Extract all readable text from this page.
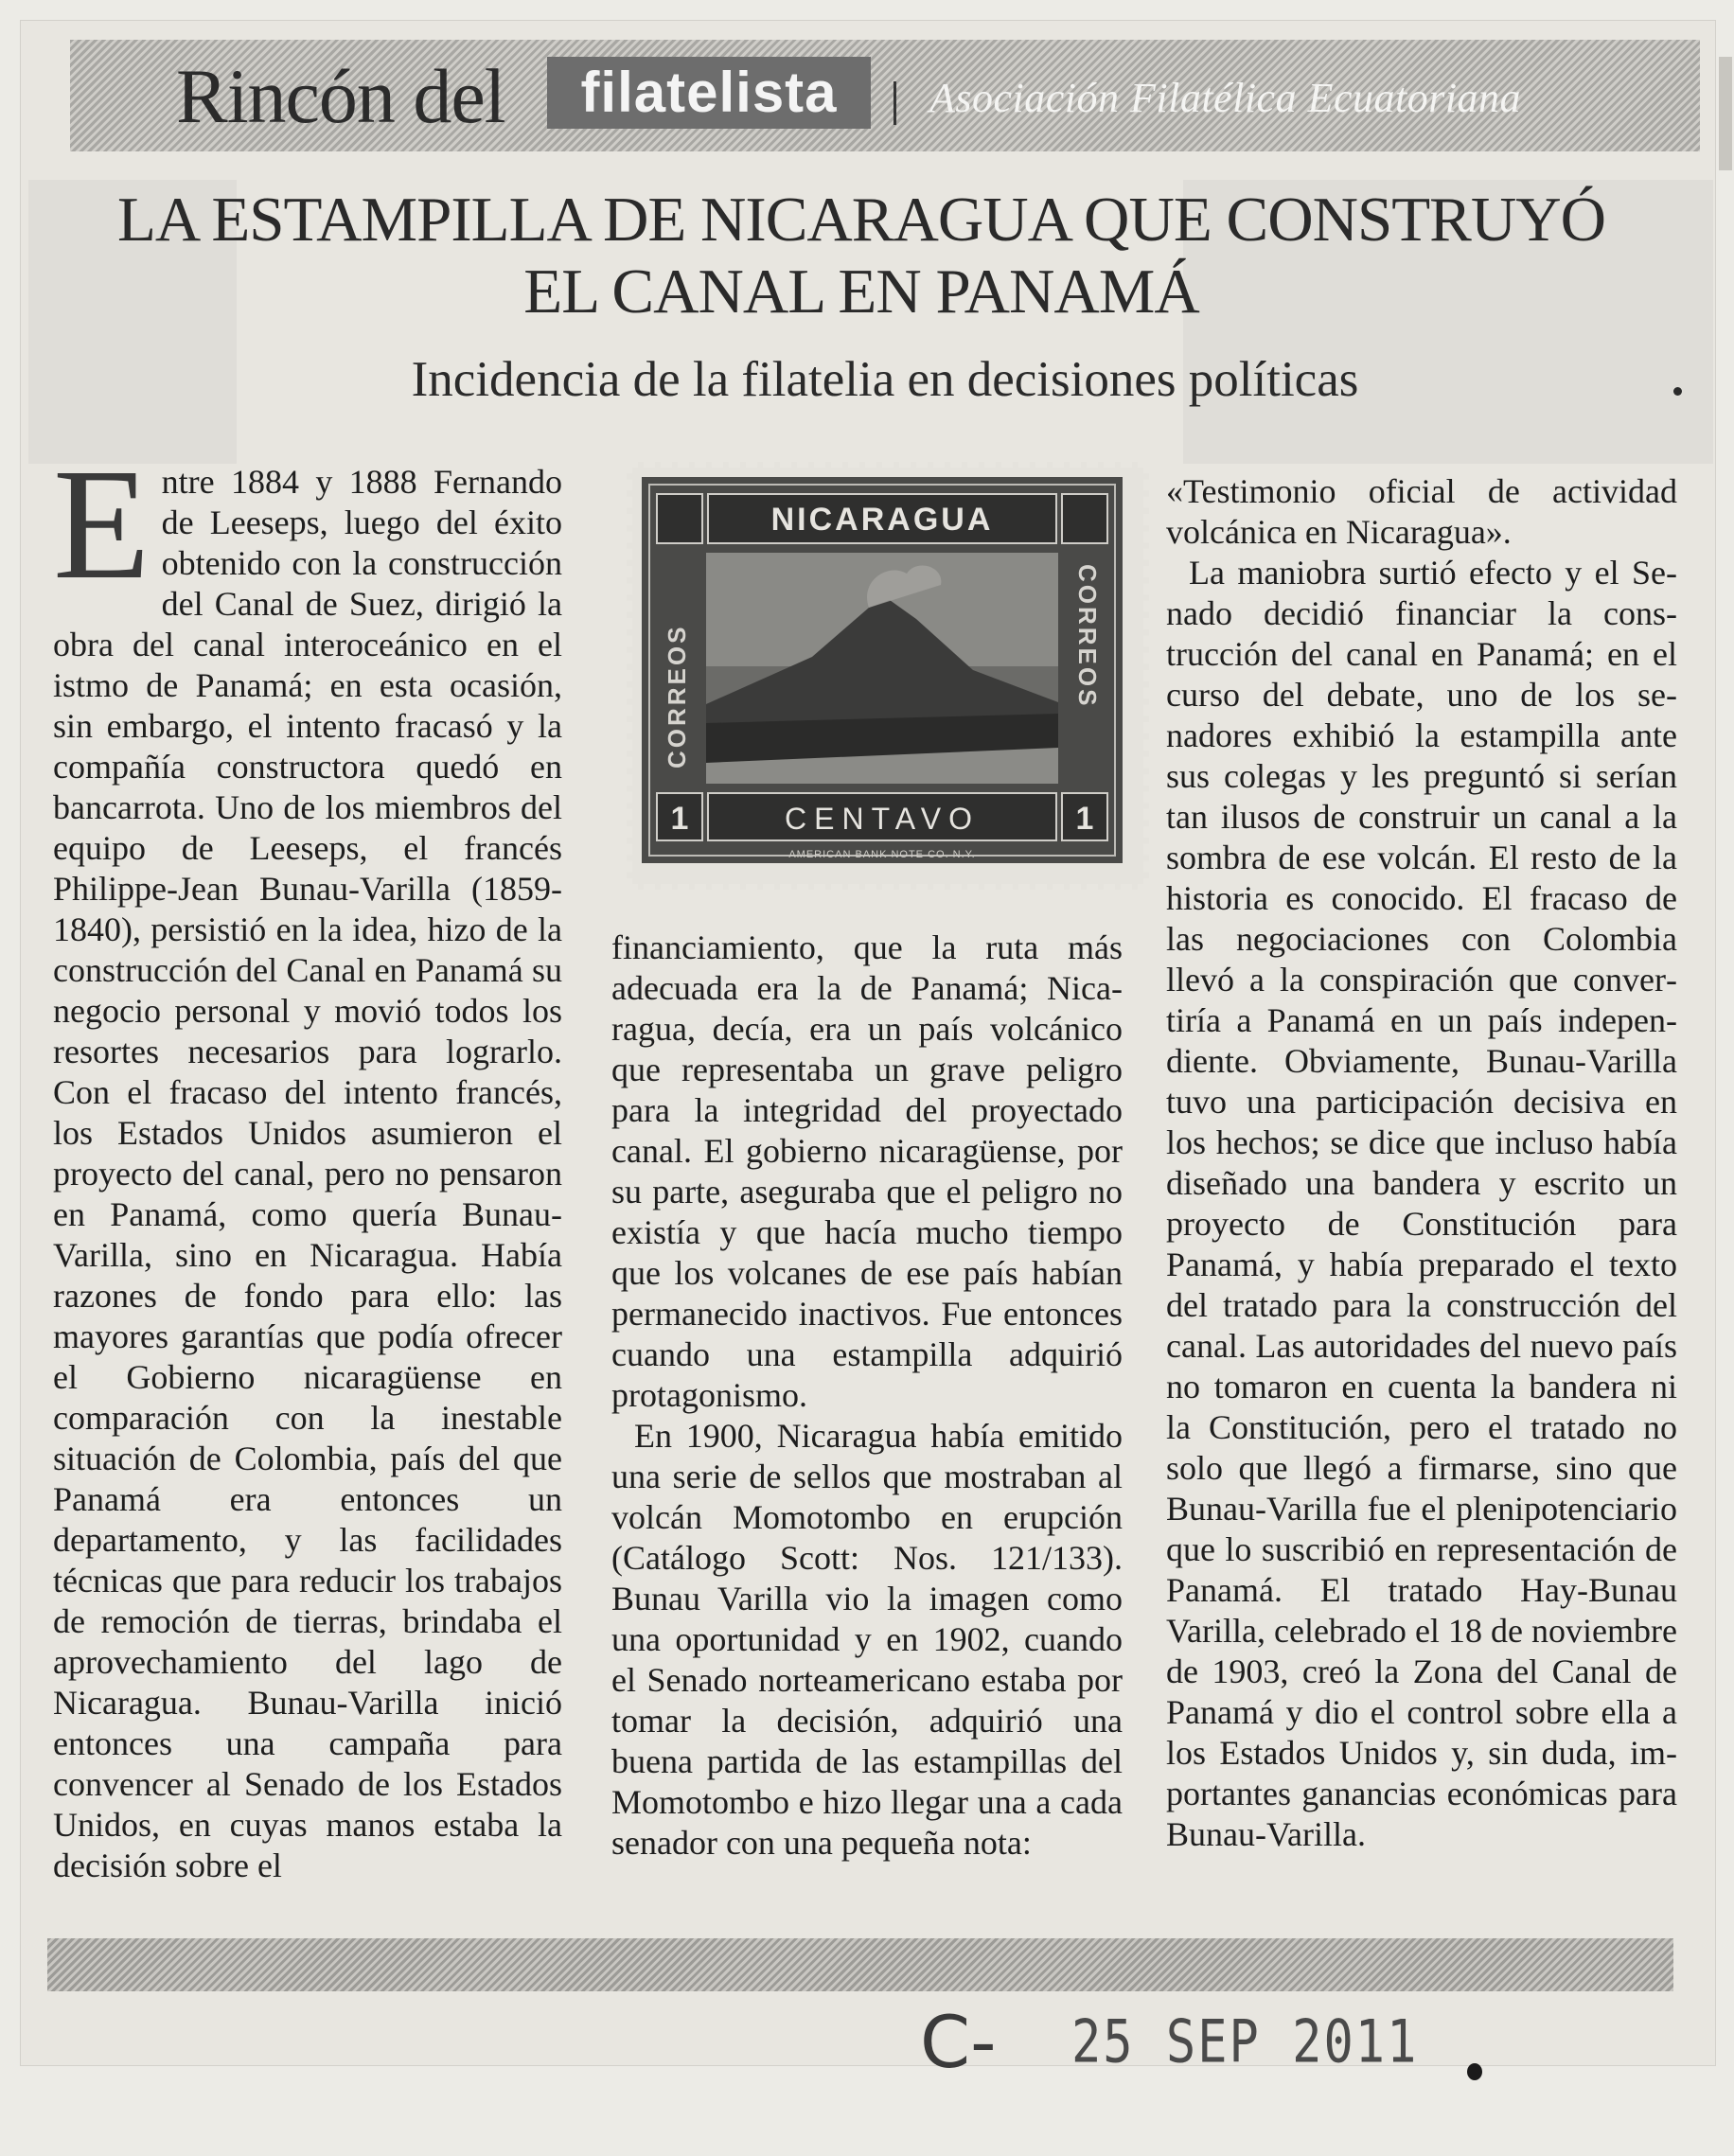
Rincón del	filatelista	Asociación Filatélica Ecuatoriana
LA ESTAMPILLA DE NICARAGUA QUE CONSTRUYÓ
EL CANAL EN PANAMÁ
Incidencia de la filatelia en decisiones políticas

Entre 1884 y 1888 Fernando de Leeseps, luego del éxito obtenido con la construcción del Canal de Suez, dirigió la obra del canal interoceánico en el istmo de Panamá; en esta ocasión, sin embargo, el intento fracasó y la compañía constructora quedó en bancarrota. Uno de los miembros del equipo de Leeseps, el francés Philippe-Jean Bunau-Varilla (1859-1840), persistió en la idea, hizo de la construcción del Canal en Panamá su negocio personal y movió todos los resortes necesarios para lograrlo. Con el fracaso del intento francés, los Estados Unidos asumieron el proyecto del canal, pero no pensaron en Panamá, como quería Bunau-Varilla, sino en Nicaragua. Había razones de fondo para ello: las mayores garantías que podía ofrecer el Gobierno nicaragüense en comparación con la inestable situación de Colombia, país del que Panamá era entonces un departamento, y las facilidades técnicas que para reducir los trabajos de remoción de tierras, brindaba el aprovechamiento del lago de Nicaragua. Bunau-Varilla inició entonces una campaña para convencer al Senado de los Estados Unidos, en cuyas manos estaba la decisión sobre el

NICARAGUA
CORREOS	CORREOS
CENTAVO
1	1
AMERICAN BANK NOTE CO. N.Y.

financiamiento, que la ruta más adecuada era la de Panamá; Nicaragua, decía, era un país volcánico que representaba un grave peligro para la integridad del proyectado canal. El gobierno nicaragüense, por su parte, aseguraba que el peligro no existía y que hacía mucho tiempo que los volcanes de ese país habían permanecido inactivos. Fue entonces cuando una estampilla adquirió protagonismo.

En 1900, Nicaragua había emitido una serie de sellos que mostraban al volcán Momotombo en erupción (Catálogo Scott: Nos. 121/133). Bunau Varilla vio la imagen como una oportunidad y en 1902, cuando el Senado norteamericano estaba por tomar la decisión, adquirió una buena partida de las estampillas del Momotombo e hizo llegar una a cada senador con una pequeña nota:

«Testimonio oficial de actividad volcánica en Nicaragua».

La maniobra surtió efecto y el Senado decidió financiar la construcción del canal en Panamá; en el curso del debate, uno de los senadores exhibió la estampilla ante sus colegas y les preguntó si serían tan ilusos de construir un canal a la sombra de ese volcán. El resto de la historia es conocido. El fracaso de las negociaciones con Colombia llevó a la conspiración que convertiría a Panamá en un país independiente. Obviamente, Bunau-Varilla tuvo una participación decisiva en los hechos; se dice que incluso había diseñado una bandera y escrito un proyecto de Constitución para Panamá, y había preparado el texto del tratado para la construcción del canal. Las autoridades del nuevo país no tomaron en cuenta la bandera ni la Constitución, pero el tratado no solo que llegó a firmarse, sino que Bunau-Varilla fue el plenipotenciario que lo suscribió en representación de Panamá. El tratado Hay-Bunau Varilla, celebrado el 18 de noviembre de 1903, creó la Zona del Canal de Panamá y dio el control sobre ella a los Estados Unidos y, sin duda, importantes ganancias económicas para Bunau-Varilla.

C- 25 SEP 2011
